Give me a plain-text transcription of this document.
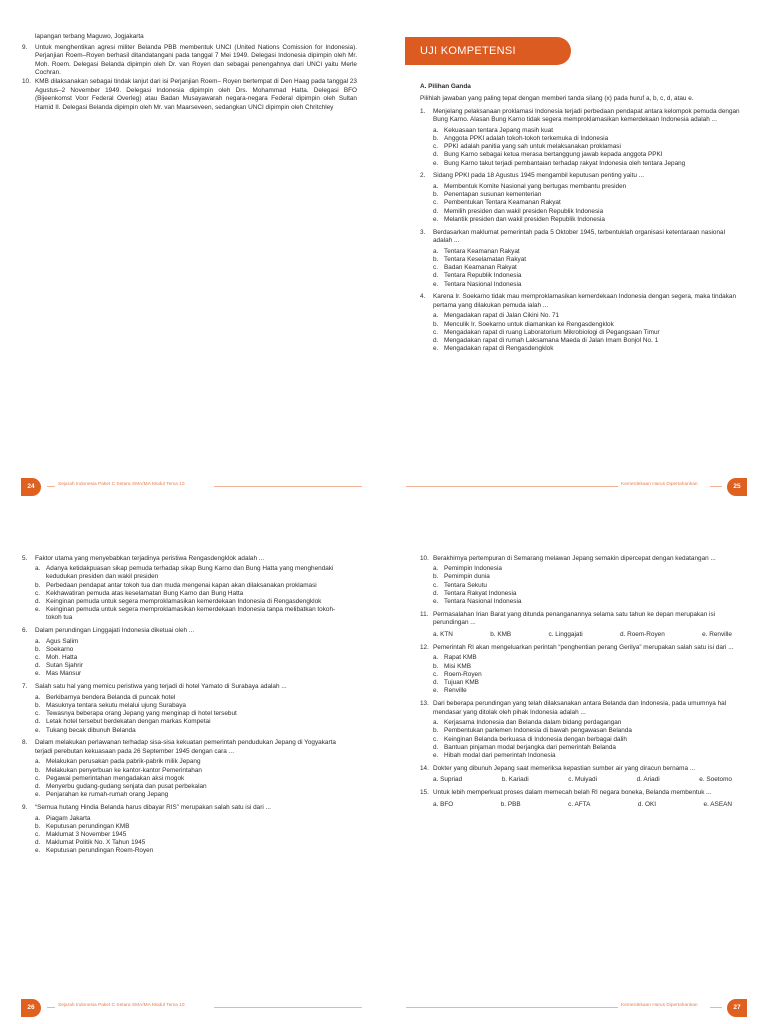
lapangan terbang Maguwo, Jogjakarta

9.	Untuk menghentikan agresi militer Belanda PBB membentuk UNCI (United Nations Comission for Indonesia). Perjanjian Roem–Royen berhasil ditandatangani pada tanggal 7 Mei 1949. Delegasi Indonesia dipimpin oleh Mr. Moh. Roem. Delegasi Belanda dipimpin oleh Dr. van Royen dan sebagai penengahnya dari UNCI yaitu Merle Cochran.
10. KMB dilaksanakan sebagai tindak lanjut dari isi Perjanjian Roem– Royen bertempat di Den Haag pada tanggal 23 Agustus–2 November 1949. Delegasi Indonesia dipimpin oleh Drs. Mohammad Hatta. Delegasi BFO (Bijeenkomst Voor Federal Overleg) atau Badan Musayawarah negara-negara Federal dipimpin oleh Sultan Hamid II. Delegasi Belanda dipimpin oleh Mr. van Maarseveen, sedangkan UNCI dipimpin oleh Chritchley
24	Sejarah Indonesia Paket C Setara SMA/MA Modul Tema 10
UJI KOMPETENSI

A. Pilihan Ganda

Pilihlah jawaban yang paling tepat dengan memberi tanda silang (x) pada huruf a, b, c, d, atau e.

1.	Menjelang pelaksanaan proklamasi Indonesia terjadi perbedaan pendapat antara kelompok pemuda dengan Bung Karno. Alasan Bung Karno tidak segera memproklamasikan kemerdekaan Indonesia adalah ...
a. Kekuasaan tentara Jepang masih kuat
b. Anggota PPKI adalah tokoh-tokoh terkemuka di Indonesia
c. PPKI adalah panitia yang sah untuk melaksanakan proklamasi
d. Bung Karno sebagai ketua merasa bertanggung jawab kepada anggota PPKI
e. Bung Karno takut terjadi pembantaian terhadap rakyat Indonesia oleh tentara Jepang
2.	Sidang PPKI pada 18 Agustus 1945 mengambil keputusan penting yaitu ...
a. Membentuk Komite Nasional yang bertugas membantu presiden
b. Penentapan susunan kementerian
c. Pembentukan Tentara Keamanan Rakyat
d. Memilih presiden dan wakil presiden Republik Indonesia
e. Melantik presiden dan wakil presiden Republik Indonesia
3.	Berdasarkan maklumat pemerintah pada 5 Oktober 1945, terbentuklah organisasi ketentaraan nasional adalah ...
a. Tentara Keamanan Rakyat
b. Tentara Keselamatan Rakyat
c. Badan Keamanan Rakyat
d. Tentara Republik Indonesia
e. Tentara Nasional Indonesia
4.	Karena Ir. Soekarno tidak mau memproklamasikan kemerdekaan Indonesia dengan segera, maka tindakan pertama yang dilakukan pemuda ialah ...
a. Mengadakan rapat di Jalan Cikini No. 71
b. Menculik Ir. Soekarno untuk diamankan ke Rengasdengklok
c. Mengadakan rapat di ruang Laboratorium Mikrobiologi di Pegangsaan Timur
d. Mengadakan rapat di rumah Laksamana Maeda di Jalan Imam Bonjol No. 1
e. Mengadakan rapat di Rengasdengklok
Kemerdekaan Harus Dipertahankan	25
5.	Faktor utama yang menyebabkan terjadinya peristiwa Rengasdengklok adalah ...
a. Adanya ketidakpuasan sikap pemuda terhadap sikap Bung Karno dan Bung Hatta yang menghendaki kedudukan presiden dan wakil presiden
b. Perbedaan pendapat antar tokoh tua dan muda mengenai kapan akan dilaksanakan proklamasi
c. Kekhawatiran pemuda atas keselamatan Bung Karno dan Bung Hatta
d. Keinginan pemuda untuk segera memproklamasikan kemerdekaan Indonesia di Rengasdengklok
e. Keinginan pemuda untuk segera memproklamasikan kemerdekaan Indonesia tanpa melibatkan tokoh-tokoh tua
6.	Dalam perundingan Linggajati Indonesia diketuai oleh ...
a. Agus Salim
b. Soekarno
c. Moh. Hatta
d. Sutan Sjahrir
e. Mas Mansur
7.	Salah satu hal yang memicu peristiwa yang terjadi di hotel Yamato di Surabaya adalah ...
a. Berkibarnya bendera Belanda di puncak hotel
b. Masuknya tentara sekutu melalui ujung Surabaya
c. Tewasnya beberapa orang Jepang yang menginap di hotel tersebut
d. Letak hotel tersebut berdekatan dengan markas Kompetai
e. Tukang becak dibunuh Belanda
8.	Dalam melakukan perlawanan terhadap sisa-sisa kekuatan pemerintah pendudukan Jepang di Yogyakarta terjadi perebutan kekuasaan pada 26 September 1945 dengan cara ...
a. Melakukan perusakan pada pabrik-pabrik milik Jepang
b. Melakukan penyerbuan ke kantor-kantor Pemerintahan
c. Pegawai pemerintahan mengadakan aksi mogok
d. Menyerbu gudang-gudang senjata dan pusat perbekalan
e. Penjarahan ke rumah-rumah orang Jepang
9.	“Semua hutang Hindia Belanda harus dibayar RIS” merupakan salah satu isi dari ...
a. Piagam Jakarta
b. Keputusan perundingan KMB
c. Maklumat 3 November 1945
d. Maklumat Politik No. X Tahun 1945
e. Keputusan perundingan Roem-Royen
26	Sejarah Indonesia Paket C Setara SMA/MA Modul Tema 10
10. Berakhirnya pertempuran di Semarang melawan Jepang semakin dipercepat dengan kedatangan ...
a. Pemimpin Indonesia
b. Pemimpin dunia
c. Tentara Sekutu
d. Tentara Rakyat Indonesia
e. Tentara Nasional Indonesia
11. Permasalahan Irian Barat yang ditunda penanganannya selama satu tahun ke depan merupakan isi perundingan ...
a. KTN	b. KMB	c. Linggajati	d. Roem-Royen	e. Renville
12. Pemerintah RI akan mengeluarkan perintah “penghentian perang Gerilya” merupakan salah satu isi dari ...
a. Rapat KMB
b. Misi KMB
c. Roem-Royen
d. Tujuan KMB
e. Renville
13. Dari beberapa perundingan yang telah dilaksanakan antara Belanda dan Indonesia, pada umumnya hal mendasar yang ditolak oleh pihak Indonesia adalah ...
a. Kerjasama Indonesia dan Belanda dalam bidang perdagangan
b. Pembentukan parlemen Indonesia di bawah pengawasan Belanda
c. Keinginan Belanda berkuasa di Indonesia dengan berbagai dalih
d. Bantuan pinjaman modal berjangka dari pemerintah Belanda
e. Hibah modal dari pemerintah Indonesia
14. Dokter yang dibunuh Jepang saat memeriksa kepastian sumber air yang diracun bernama ...
a. Supriad	b. Kariadi	c. Muiyadi	d. Ariadi	e. Soetomo
15. Untuk lebih memperkuat proses dalam memecah belah RI negara boneka, Belanda membentuk ...
a. BFO	b. PBB	c. AFTA	d. OKI	e. ASEAN
Kemerdekaan Harus Dipertahankan	27
